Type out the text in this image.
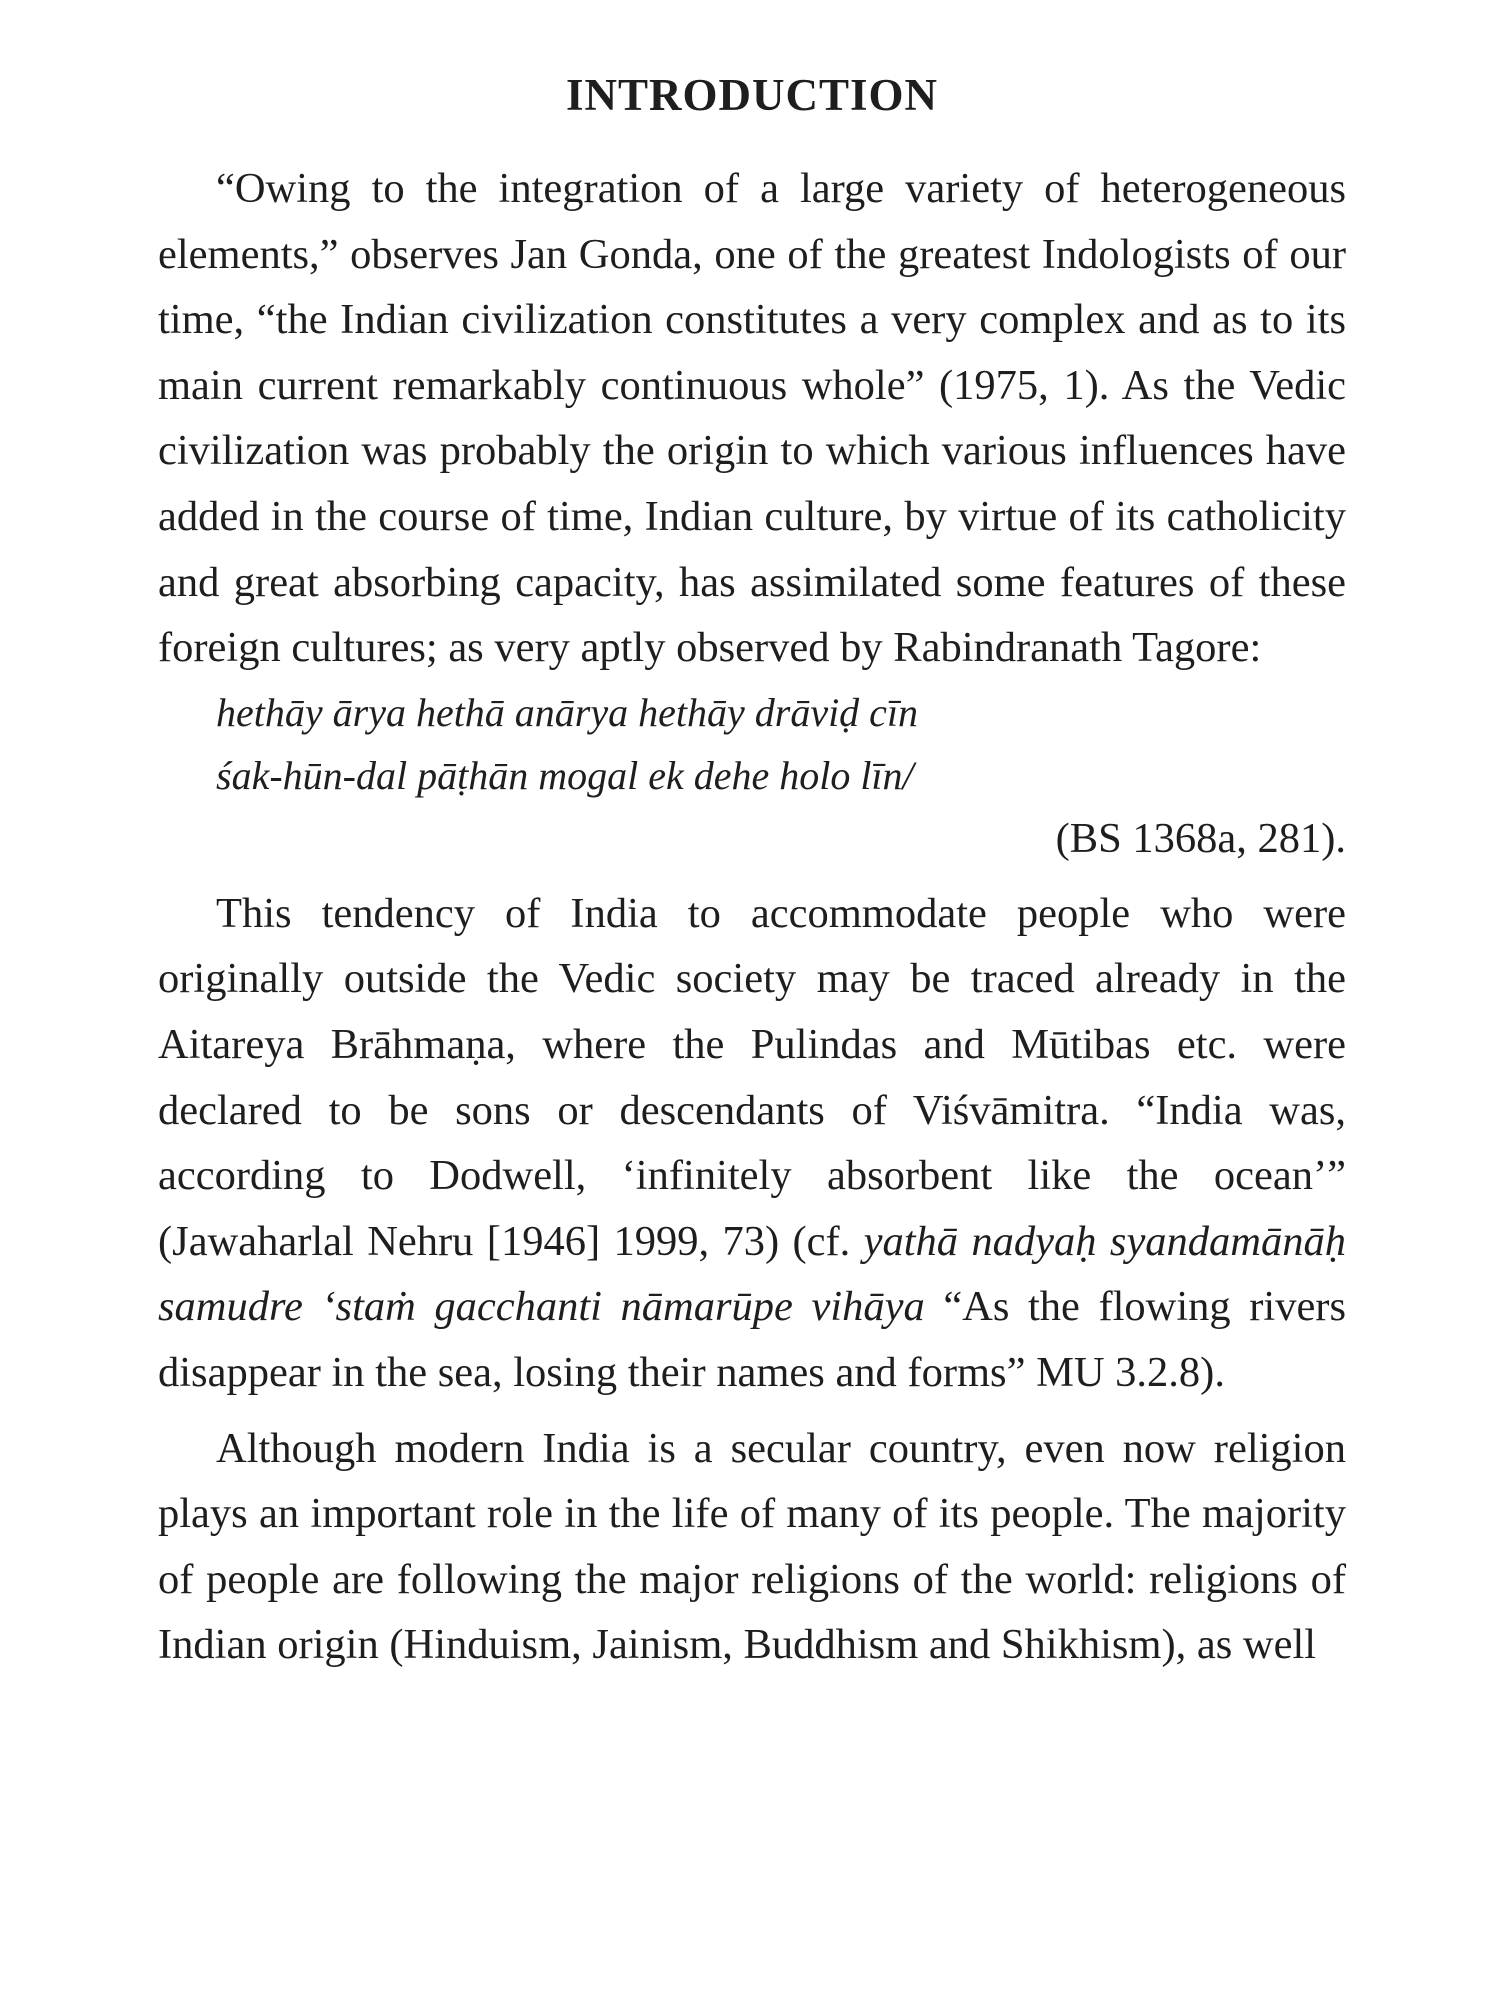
INTRODUCTION

“Owing to the integration of a large variety of heterogeneous elements,” observes Jan Gonda, one of the greatest Indologists of our time, “the Indian civilization constitutes a very complex and as to its main current remarkably continuous whole” (1975, 1). As the Vedic civilization was probably the origin to which various influences have added in the course of time, Indian culture, by virtue of its catholicity and great absorbing capacity, has assimilated some features of these foreign cultures; as very aptly observed by Rabindranath Tagore:

hethāy ārya hethā anārya hethāy drāviḍ cīn

śak-hūn-dal pāṭhān mogal ek dehe holo līn/

(BS 1368a, 281).

This tendency of India to accommodate people who were originally outside the Vedic society may be traced already in the Aitareya Brāhmaṇa, where the Pulindas and Mūtibas etc. were declared to be sons or descendants of Viśvāmitra. “India was, according to Dodwell, ‘infinitely absorbent like the ocean’” (Jawaharlal Nehru [1946] 1999, 73) (cf. yathā nadyaḥ syandamānāḥ samudre ‘staṁ gacchanti nāmarūpe vihāya “As the flowing rivers disappear in the sea, losing their names and forms” MU 3.2.8).

Although modern India is a secular country, even now religion plays an important role in the life of many of its people. The majority of people are following the major religions of the world: religions of Indian origin (Hinduism, Jainism, Buddhism and Shikhism), as well
